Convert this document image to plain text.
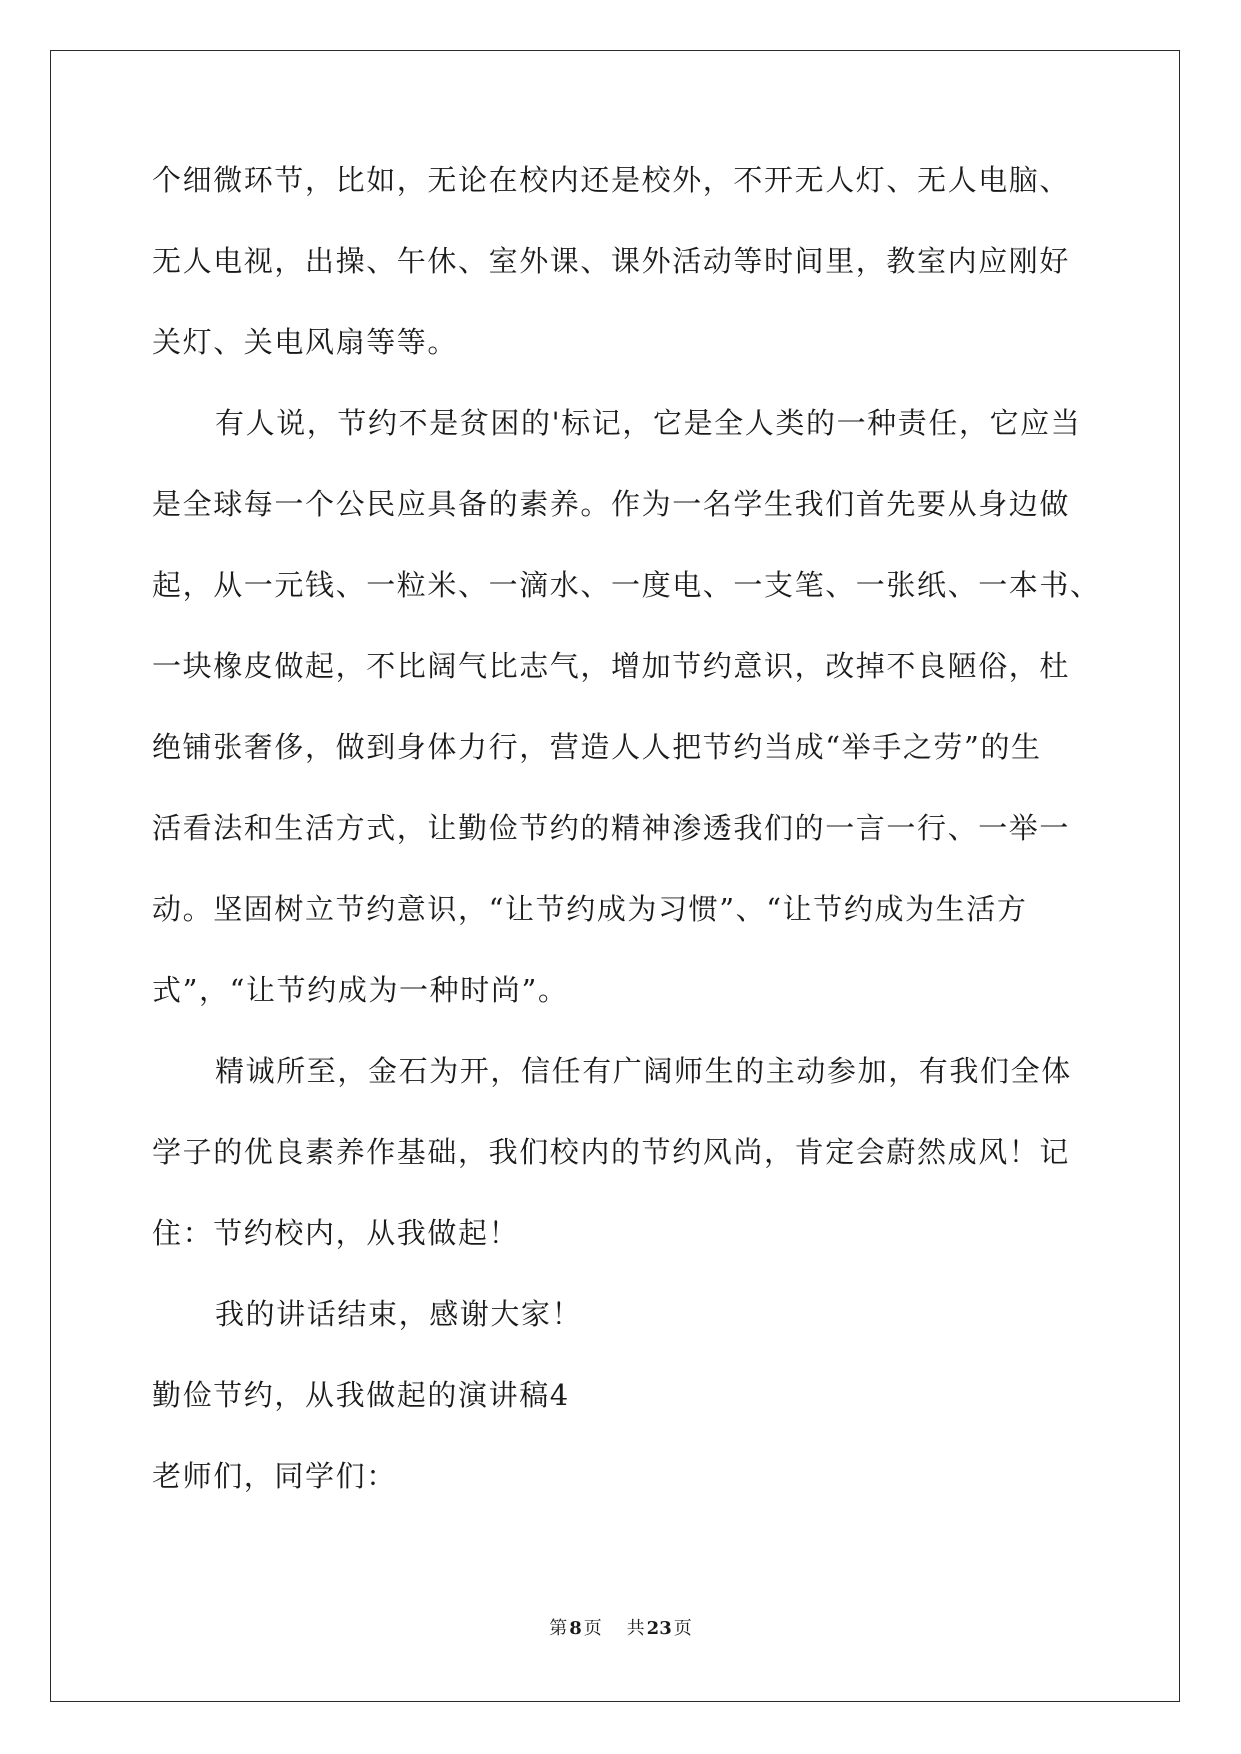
个细微环节，比如，无论在校内还是校外，不开无人灯、无人电脑、
无人电视，出操、午休、室外课、课外活动等时间里，教室内应刚好
关灯、关电风扇等等。
有人说，节约不是贫困的'标记，它是全人类的一种责任，它应当
是全球每一个公民应具备的素养。作为一名学生我们首先要从身边做
起，从一元钱、一粒米、一滴水、一度电、一支笔、一张纸、一本书、
一块橡皮做起，不比阔气比志气，增加节约意识，改掉不良陋俗，杜
绝铺张奢侈，做到身体力行，营造人人把节约当成“举手之劳”的生
活看法和生活方式，让勤俭节约的精神渗透我们的一言一行、一举一
动。坚固树立节约意识，“让节约成为习惯”、“让节约成为生活方
式”，“让节约成为一种时尚”。
精诚所至，金石为开，信任有广阔师生的主动参加，有我们全体
学子的优良素养作基础，我们校内的节约风尚，肯定会蔚然成风！记
住：节约校内，从我做起！
我的讲话结束，感谢大家！
勤俭节约，从我做起的演讲稿4
老师们，同学们：
第 8 页 共 23 页
